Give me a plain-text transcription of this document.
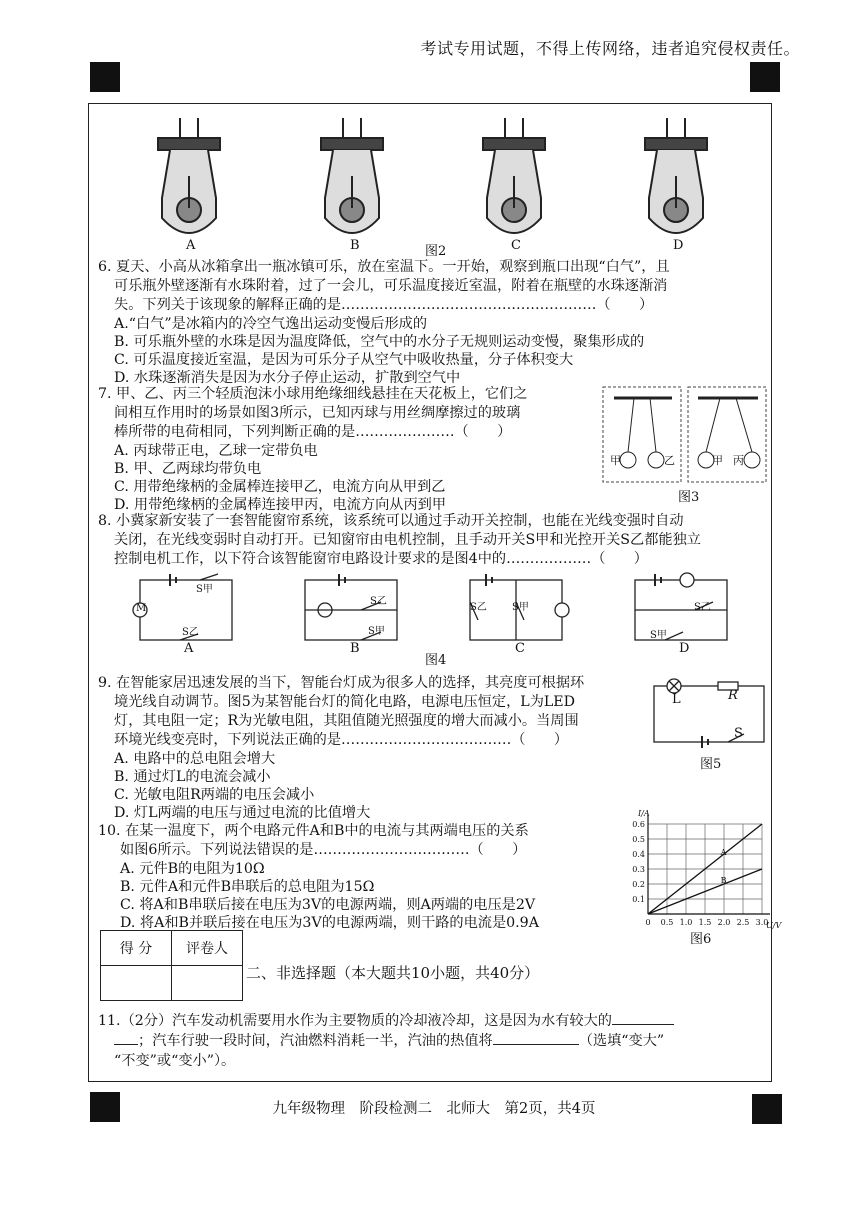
考试专用试题，不得上传网络，违者追究侵权责任。
A	B	图2	C	D
6. 夏天、小高从冰箱拿出一瓶冰镇可乐，放在室温下。一开始，观察到瓶口出现“白气”，且
可乐瓶外壁逐渐有水珠附着，过了一会儿，可乐温度接近室温，附着在瓶壁的水珠逐渐消
失。下列关于该现象的解释正确的是………………………………………………（　　）
A.“白气”是冰箱内的冷空气逸出运动变慢后形成的
B. 可乐瓶外壁的水珠是因为温度降低，空气中的水分子无规则运动变慢，聚集形成的
C. 可乐温度接近室温，是因为可乐分子从空气中吸收热量，分子体积变大
D. 水珠逐渐消失是因为水分子停止运动，扩散到空气中
7. 甲、乙、丙三个轻质泡沫小球用绝缘细线悬挂在天花板上，它们之
间相互作用时的场景如图3所示，已知丙球与用丝绸摩擦过的玻璃
棒所带的电荷相同，下列判断正确的是…………………（　　）
A. 丙球带正电，乙球一定带负电
B. 甲、乙两球均带负电
C. 用带绝缘柄的金属棒连接甲乙，电流方向从甲到乙
D. 用带绝缘柄的金属棒连接甲丙，电流方向从丙到甲
甲	乙	甲 丙
图3
8. 小冀家新安装了一套智能窗帘系统，该系统可以通过手动开关控制，也能在光线变强时自动
关闭，在光线变弱时自动打开。已知窗帘由电机控制，且手动开关S甲和光控开关S乙都能独立
控制电机工作，以下符合该智能窗帘电路设计要求的是图4中的………………（　　）
M
S甲
S乙
S乙
S甲
S乙	S甲	S乙
S甲
A	B
图4
C	D
9. 在智能家居迅速发展的当下，智能台灯成为很多人的选择，其亮度可根据环
境光线自动调节。图5为某智能台灯的简化电路，电源电压恒定，L为LED
灯，其电阻一定；R为光敏电阻，其阻值随光照强度的增大而减小。当周围
环境光线变亮时，下列说法正确的是………………………………（　　）
A. 电路中的总电阻会增大
B. 通过灯L的电流会减小
C. 光敏电阻R两端的电压会减小
D. 灯L两端的电压与通过电流的比值增大
L	R
S
图5
10. 在某一温度下，两个电路元件A和B中的电流与其两端电压的关系
如图6所示。下列说法错误的是……………………………（　　）
A. 元件B的电阻为10Ω
B. 元件A和元件B串联后的总电阻为15Ω
C. 将A和B串联后接在电压为3V的电源两端，则A两端的电压是2V
D. 将A和B并联后接在电压为3V的电源两端，则干路的电流是0.9A	0 0.5 1.0 1.5 2.0 2.5 3.0
0.1
0.2
0.3
0.4
0.5
0.6
I/A
U/V
A
B
图6
得 分	评卷人

二、非选择题（本大题共10小题，共40分）
11.（2分）汽车发动机需要用水作为主要物质的冷却液冷却，这是因为水有较大的
；汽车行驶一段时间，汽油燃料消耗一半，汽油的热值将	（选填“变大”
“不变”或“变小”）。
九年级物理　阶段检测二　北师大　第2页，共4页
